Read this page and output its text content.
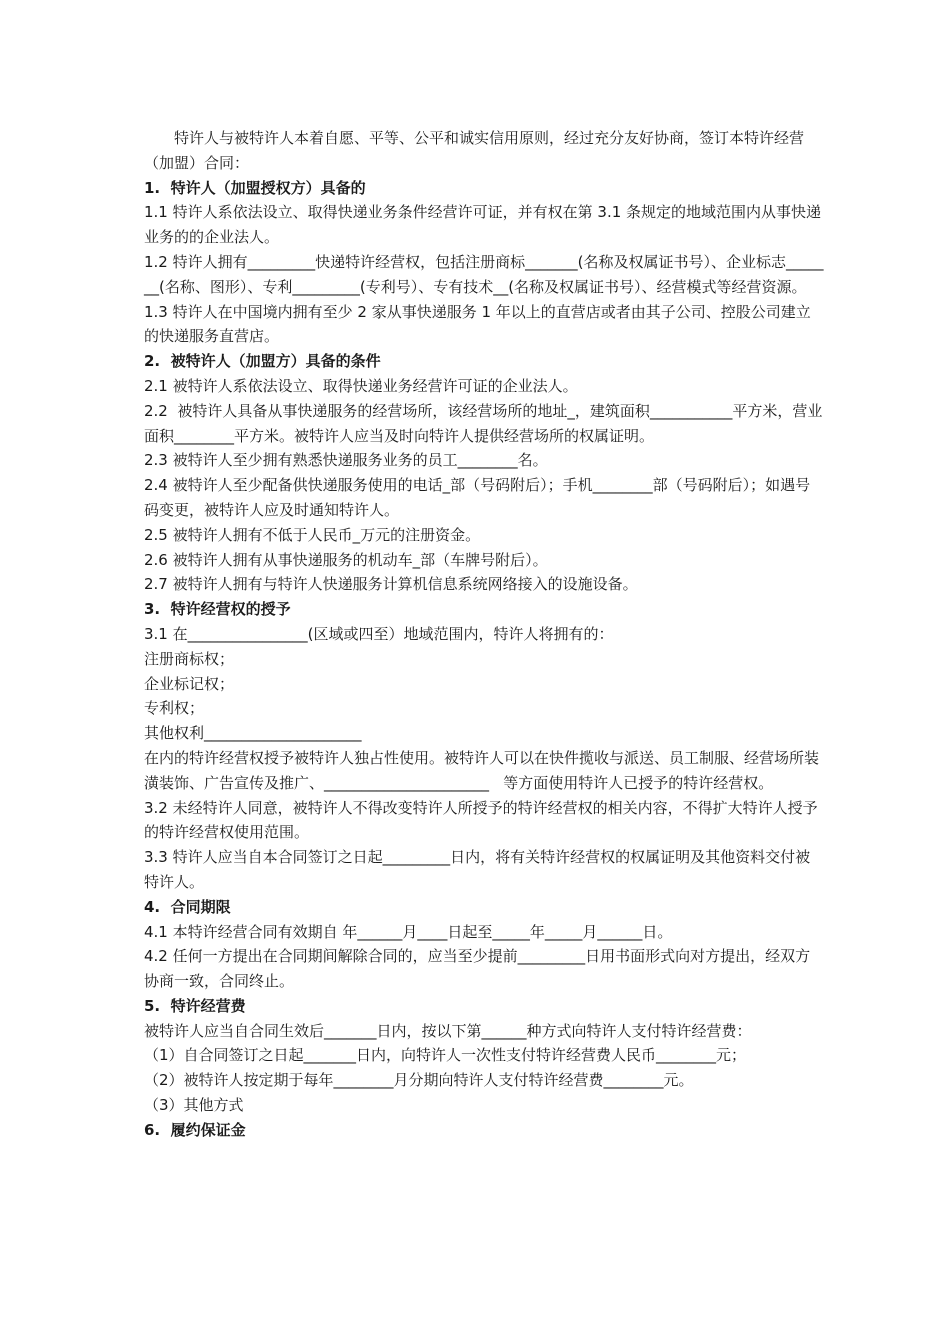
特许人与被特许人本着自愿、平等、公平和诚实信用原则，经过充分友好协商，签订本特许经营（加盟）合同：

1.  特许人（加盟授权方）具备的

1.1 特许人系依法设立、取得快递业务条件经营许可证，并有权在第 3.1 条规定的地域范围内从事快递业务的的企业法人。

1.2 特许人拥有_________快递特许经营权，包括注册商标_______(名称及权属证书号）、企业标志_______(名称、图形）、专利_________(专利号）、专有技术__(名称及权属证书号）、经营模式等经营资源。

1.3 特许人在中国境内拥有至少 2 家从事快递服务 1 年以上的直营店或者由其子公司、控股公司建立的快递服务直营店。

2.  被特许人（加盟方）具备的条件

2.1 被特许人系依法设立、取得快递业务经营许可证的企业法人。

2.2  被特许人具备从事快递服务的经营场所，该经营场所的地址_，建筑面积___________平方米，营业面积________平方米。被特许人应当及时向特许人提供经营场所的权属证明。

2.3 被特许人至少拥有熟悉快递服务业务的员工________名。

2.4 被特许人至少配备供快递服务使用的电话_部（号码附后）；手机________部（号码附后）；如遇号码变更，被特许人应及时通知特许人。

2.5 被特许人拥有不低于人民币_万元的注册资金。

2.6 被特许人拥有从事快递服务的机动车_部（车牌号附后）。

2.7 被特许人拥有与特许人快递服务计算机信息系统网络接入的设施设备。

3.  特许经营权的授予

3.1 在________________(区域或四至）地域范围内，特许人将拥有的：

注册商标权；

企业标记权；

专利权；

其他权利_____________________

在内的特许经营权授予被特许人独占性使用。被特许人可以在快件揽收与派送、员工制服、经营场所装潢装饰、广告宣传及推广、______________________   等方面使用特许人已授予的特许经营权。

3.2 未经特许人同意，被特许人不得改变特许人所授予的特许经营权的相关内容，不得扩大特许人授予的特许经营权使用范围。

3.3 特许人应当自本合同签订之日起_________日内，将有关特许经营权的权属证明及其他资料交付被特许人。

4.  合同期限

4.1 本特许经营合同有效期自 年______月____日起至_____年_____月______日。

4.2 任何一方提出在合同期间解除合同的，应当至少提前_________日用书面形式向对方提出，经双方协商一致，合同终止。

5.  特许经营费

被特许人应当自合同生效后_______日内，按以下第______种方式向特许人支付特许经营费：

（1）自合同签订之日起_______日内，向特许人一次性支付特许经营费人民币________元；

（2）被特许人按定期于每年________月分期向特许人支付特许经营费________元。

（3）其他方式

6.  履约保证金
